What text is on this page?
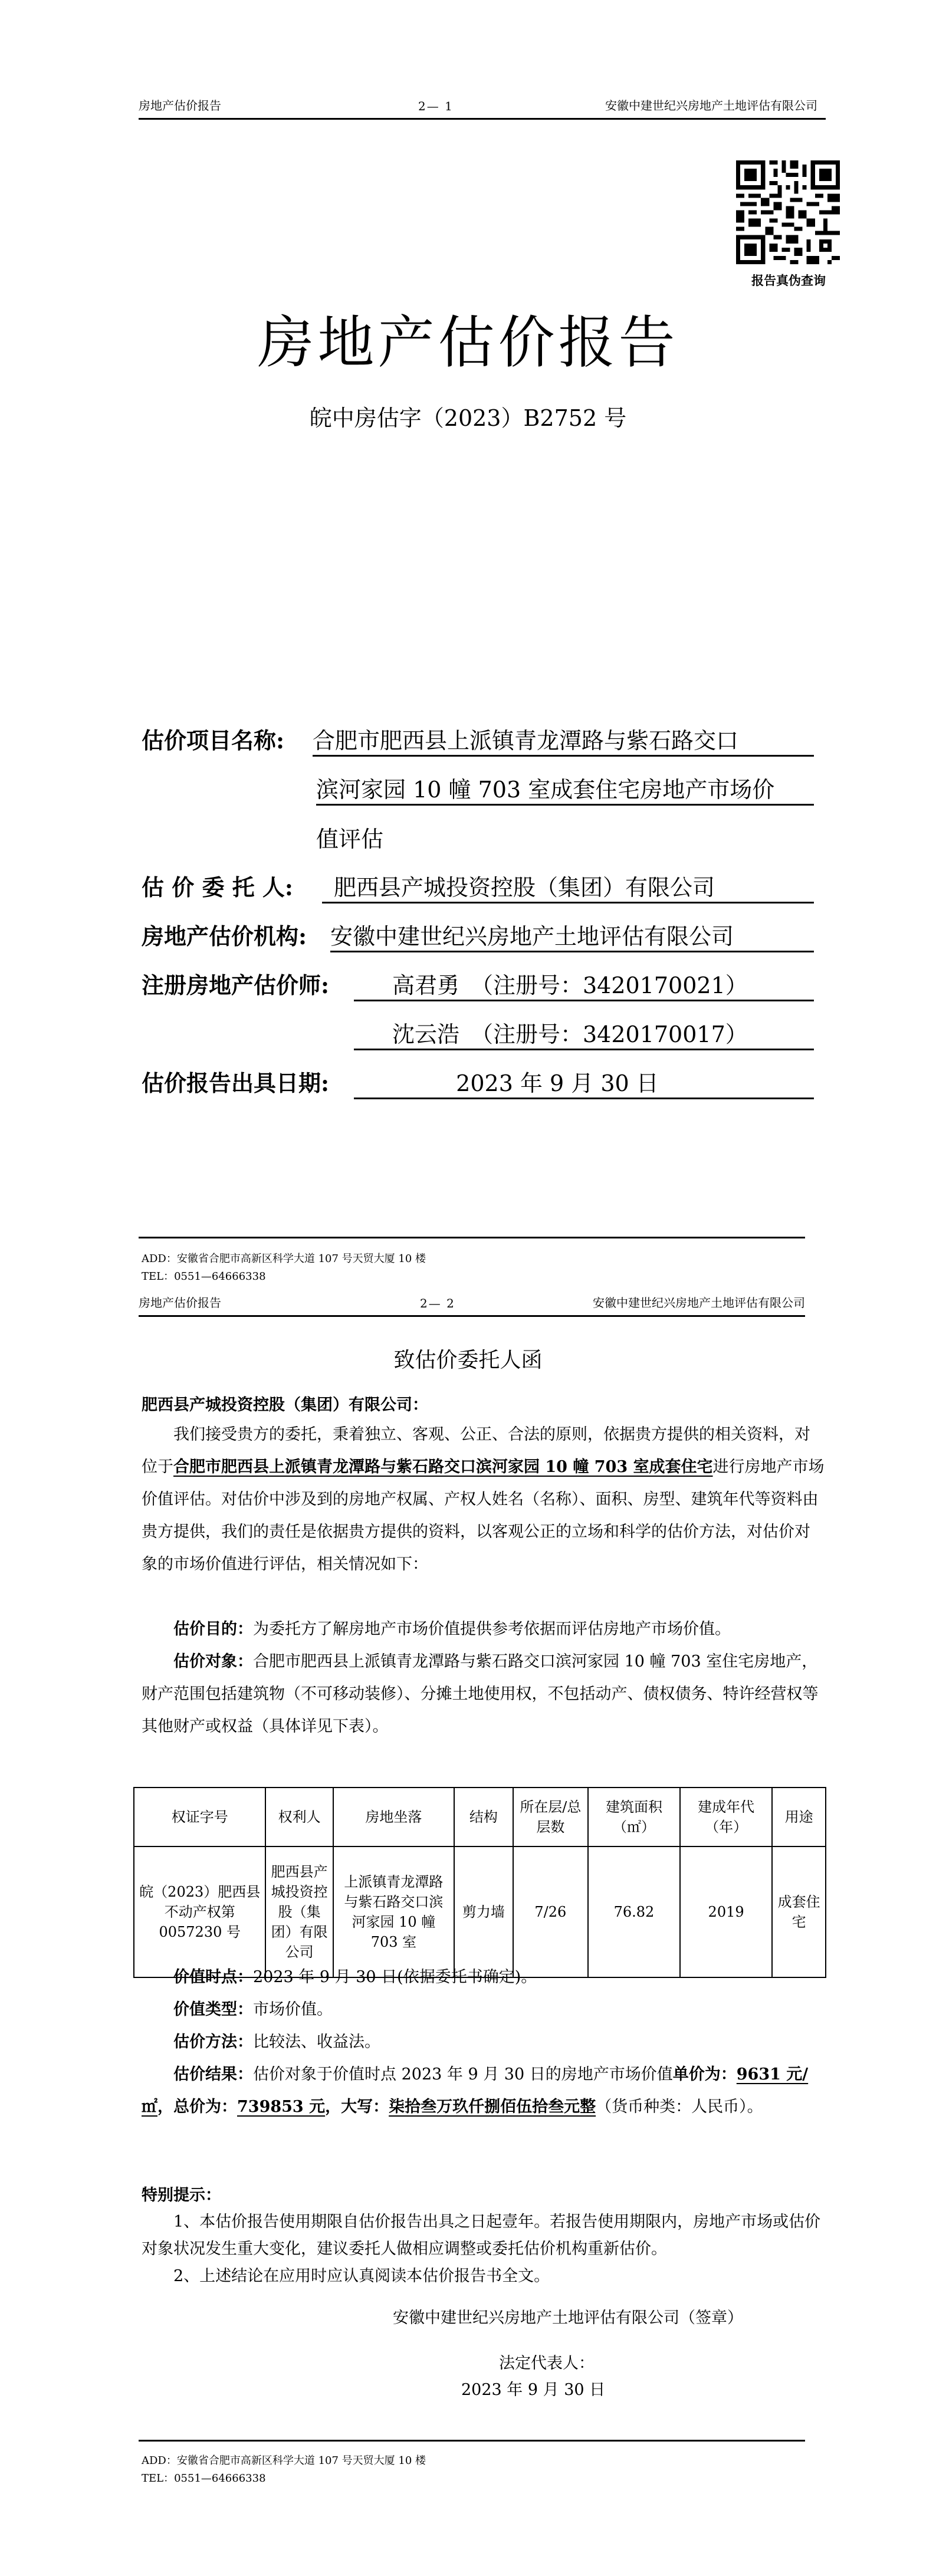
房地产估价报告	2— 1	安徽中建世纪兴房地产土地评估有限公司
报告真伪查询
房地产估价报告
皖中房估字（2023）B2752 号
估价项目名称: 合肥市肥西县上派镇青龙潭路与紫石路交口
滨河家园 10 幢 703 室成套住宅房地产市场价
值评估
估 价 委 托 人:	肥西县产城投资控股（集团）有限公司
房地产估价机构: 安徽中建世纪兴房地产土地评估有限公司
注册房地产估价师:	高君勇　（注册号：3420170021）
沈云浩　（注册号：3420170017）
估价报告出具日期:	2023 年 9 月 30 日
ADD：安徽省合肥市高新区科学大道 107 号天贸大厦 10 楼
TEL：0551—64666338
房地产估价报告	2— 2	安徽中建世纪兴房地产土地评估有限公司
致估价委托人函
肥西县产城投资控股（集团）有限公司：
我们接受贵方的委托，秉着独立、客观、公正、合法的原则，依据贵方提供的相关资料，对位于合肥市肥西县上派镇青龙潭路与紫石路交口滨河家园 10 幢 703 室成套住宅进行房地产市场价值评估。对估价中涉及到的房地产权属、产权人姓名（名称）、面积、房型、建筑年代等资料由贵方提供，我们的责任是依据贵方提供的资料，以客观公正的立场和科学的估价方法，对估价对象的市场价值进行评估，相关情况如下：
估价目的：为委托方了解房地产市场价值提供参考依据而评估房地产市场价值。
估价对象：合肥市肥西县上派镇青龙潭路与紫石路交口滨河家园 10 幢 703 室住宅房地产，财产范围包括建筑物（不可移动装修）、分摊土地使用权，不包括动产、债权债务、特许经营权等其他财产或权益（具体详见下表）。
权证字号	权利人	房地坐落	结构	所在层/总层数	建筑面积（㎡）	建成年代（年）	用途
皖（2023）肥西县不动产权第 0057230 号	肥西县产城投资控股（集团）有限公司	上派镇青龙潭路与紫石路交口滨河家园 10 幢 703 室	剪力墙	7/26	76.82	2019	成套住宅
价值时点：2023 年 9 月 30 日(依据委托书确定)。
价值类型：市场价值。
估价方法：比较法、收益法。
估价结果：估价对象于价值时点 2023 年 9 月 30 日的房地产市场价值单价为：9631 元/㎡，总价为：739853 元，大写：柒拾叁万玖仟捌佰伍拾叁元整（货币种类：人民币）。
特别提示：
1、本估价报告使用期限自估价报告出具之日起壹年。若报告使用期限内，房地产市场或估价对象状况发生重大变化，建议委托人做相应调整或委托估价机构重新估价。
2、上述结论在应用时应认真阅读本估价报告书全文。
安徽中建世纪兴房地产土地评估有限公司（签章）
法定代表人：
2023 年 9 月 30 日
ADD：安徽省合肥市高新区科学大道 107 号天贸大厦 10 楼
TEL：0551—64666338
